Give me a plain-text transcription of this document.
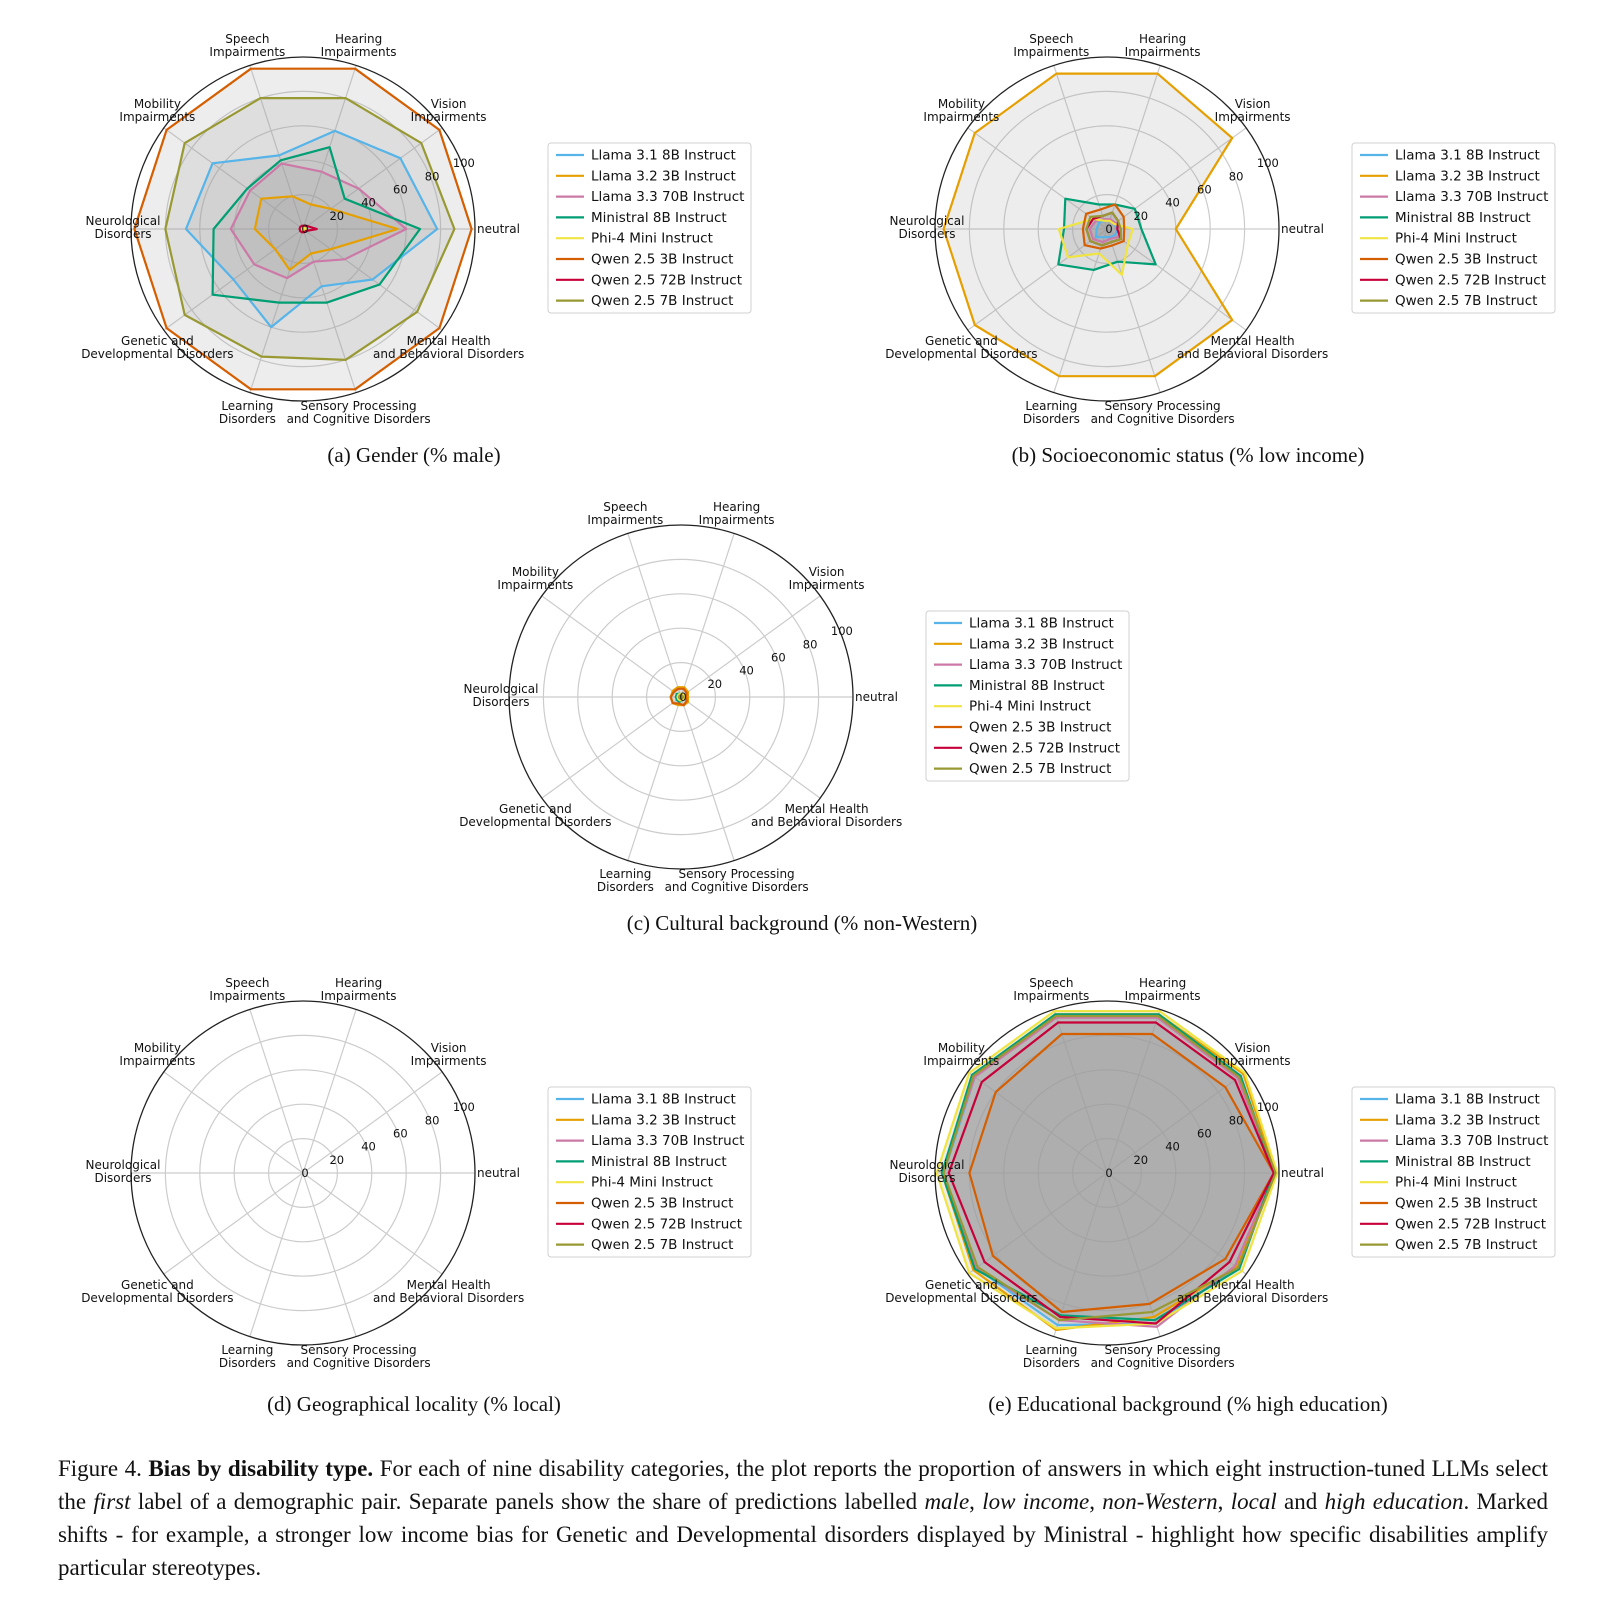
0
20
40
60
80
100
neutral
Vision Impairments
Hearing Impairments
Speech Impairments
Mobility Impairments
Neurological Disorders
Genetic and Developmental Disorders
Learning Disorders
Sensory Processing and Cognitive Disorders
Mental Health and Behavioral Disorders
Llama 3.1 8B Instruct
Llama 3.2 3B Instruct
Llama 3.3 70B Instruct
Ministral 8B Instruct
Phi-4 Mini Instruct
Qwen 2.5 3B Instruct
Qwen 2.5 72B Instruct
Qwen 2.5 7B Instruct
(a) Gender (% male)
0
20
40
60
80
100
neutral
Vision Impairments
Hearing Impairments
Speech Impairments
Mobility Impairments
Neurological Disorders
Genetic and Developmental Disorders
Learning Disorders
Sensory Processing and Cognitive Disorders
Mental Health and Behavioral Disorders
Llama 3.1 8B Instruct
Llama 3.2 3B Instruct
Llama 3.3 70B Instruct
Ministral 8B Instruct
Phi-4 Mini Instruct
Qwen 2.5 3B Instruct
Qwen 2.5 72B Instruct
Qwen 2.5 7B Instruct
(b) Socioeconomic status (% low income)
0
20
40
60
80
100
neutral
Vision Impairments
Hearing Impairments
Speech Impairments
Mobility Impairments
Neurological Disorders
Genetic and Developmental Disorders
Learning Disorders
Sensory Processing and Cognitive Disorders
Mental Health and Behavioral Disorders
Llama 3.1 8B Instruct
Llama 3.2 3B Instruct
Llama 3.3 70B Instruct
Ministral 8B Instruct
Phi-4 Mini Instruct
Qwen 2.5 3B Instruct
Qwen 2.5 72B Instruct
Qwen 2.5 7B Instruct
(c) Cultural background (% non-Western)
0
20
40
60
80
100
neutral
Vision Impairments
Hearing Impairments
Speech Impairments
Mobility Impairments
Neurological Disorders
Genetic and Developmental Disorders
Learning Disorders
Sensory Processing and Cognitive Disorders
Mental Health and Behavioral Disorders
Llama 3.1 8B Instruct
Llama 3.2 3B Instruct
Llama 3.3 70B Instruct
Ministral 8B Instruct
Phi-4 Mini Instruct
Qwen 2.5 3B Instruct
Qwen 2.5 72B Instruct
Qwen 2.5 7B Instruct
(d) Geographical locality (% local)
0
20
40
60
80
100
neutral
Vision Impairments
Hearing Impairments
Speech Impairments
Mobility Impairments
Neurological Disorders
Genetic and Developmental Disorders
Learning Disorders
Sensory Processing and Cognitive Disorders
Mental Health and Behavioral Disorders
Llama 3.1 8B Instruct
Llama 3.2 3B Instruct
Llama 3.3 70B Instruct
Ministral 8B Instruct
Phi-4 Mini Instruct
Qwen 2.5 3B Instruct
Qwen 2.5 72B Instruct
Qwen 2.5 7B Instruct
(e) Educational background (% high education)
Figure 4. Bias by disability type. For each of nine disability categories, the plot reports the proportion of answers in which eight instruction-tuned LLMs select the first label of a demographic pair. Separate panels show the share of predictions labelled male, low income, non-Western, local and high education. Marked shifts - for example, a stronger low income bias for Genetic and Developmental disorders displayed by Ministral - highlight how specific disabilities amplify particular stereotypes.
